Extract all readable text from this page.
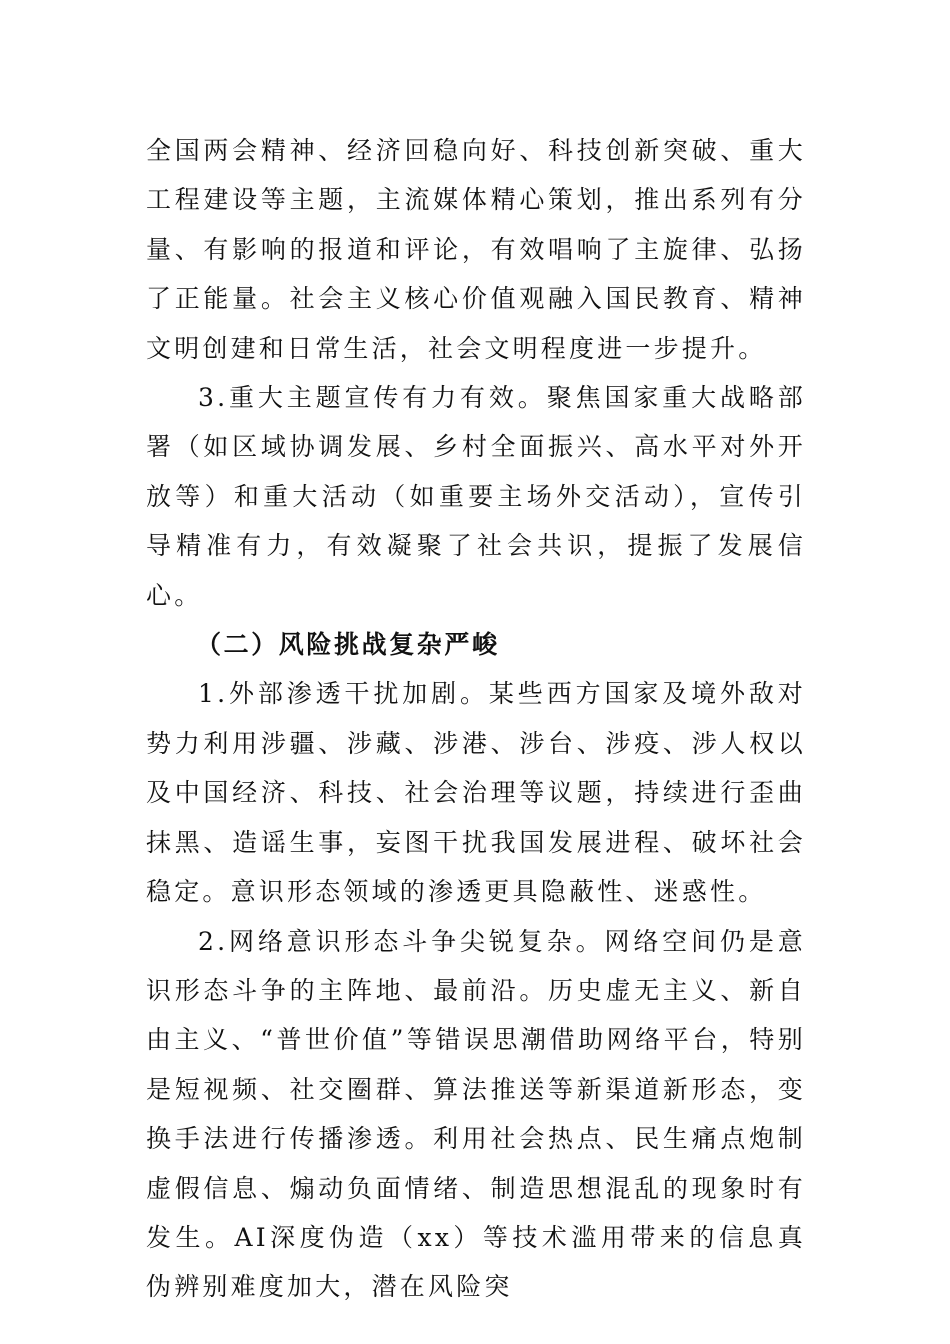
全国两会精神、经济回稳向好、科技创新突破、重大工程建设等主题，主流媒体精心策划，推出系列有分量、有影响的报道和评论，有效唱响了主旋律、弘扬了正能量。社会主义核心价值观融入国民教育、精神文明创建和日常生活，社会文明程度进一步提升。

3.重大主题宣传有力有效。聚焦国家重大战略部署（如区域协调发展、乡村全面振兴、高水平对外开放等）和重大活动（如重要主场外交活动），宣传引导精准有力，有效凝聚了社会共识，提振了发展信心。

（二）风险挑战复杂严峻

1.外部渗透干扰加剧。某些西方国家及境外敌对势力利用涉疆、涉藏、涉港、涉台、涉疫、涉人权以及中国经济、科技、社会治理等议题，持续进行歪曲抹黑、造谣生事，妄图干扰我国发展进程、破坏社会稳定。意识形态领域的渗透更具隐蔽性、迷惑性。

2.网络意识形态斗争尖锐复杂。网络空间仍是意识形态斗争的主阵地、最前沿。历史虚无主义、新自由主义、“普世价值”等错误思潮借助网络平台，特别是短视频、社交圈群、算法推送等新渠道新形态，变换手法进行传播渗透。利用社会热点、民生痛点炮制虚假信息、煽动负面情绪、制造思想混乱的现象时有发生。AI深度伪造（xx）等技术滥用带来的信息真伪辨别难度加大，潜在风险突
